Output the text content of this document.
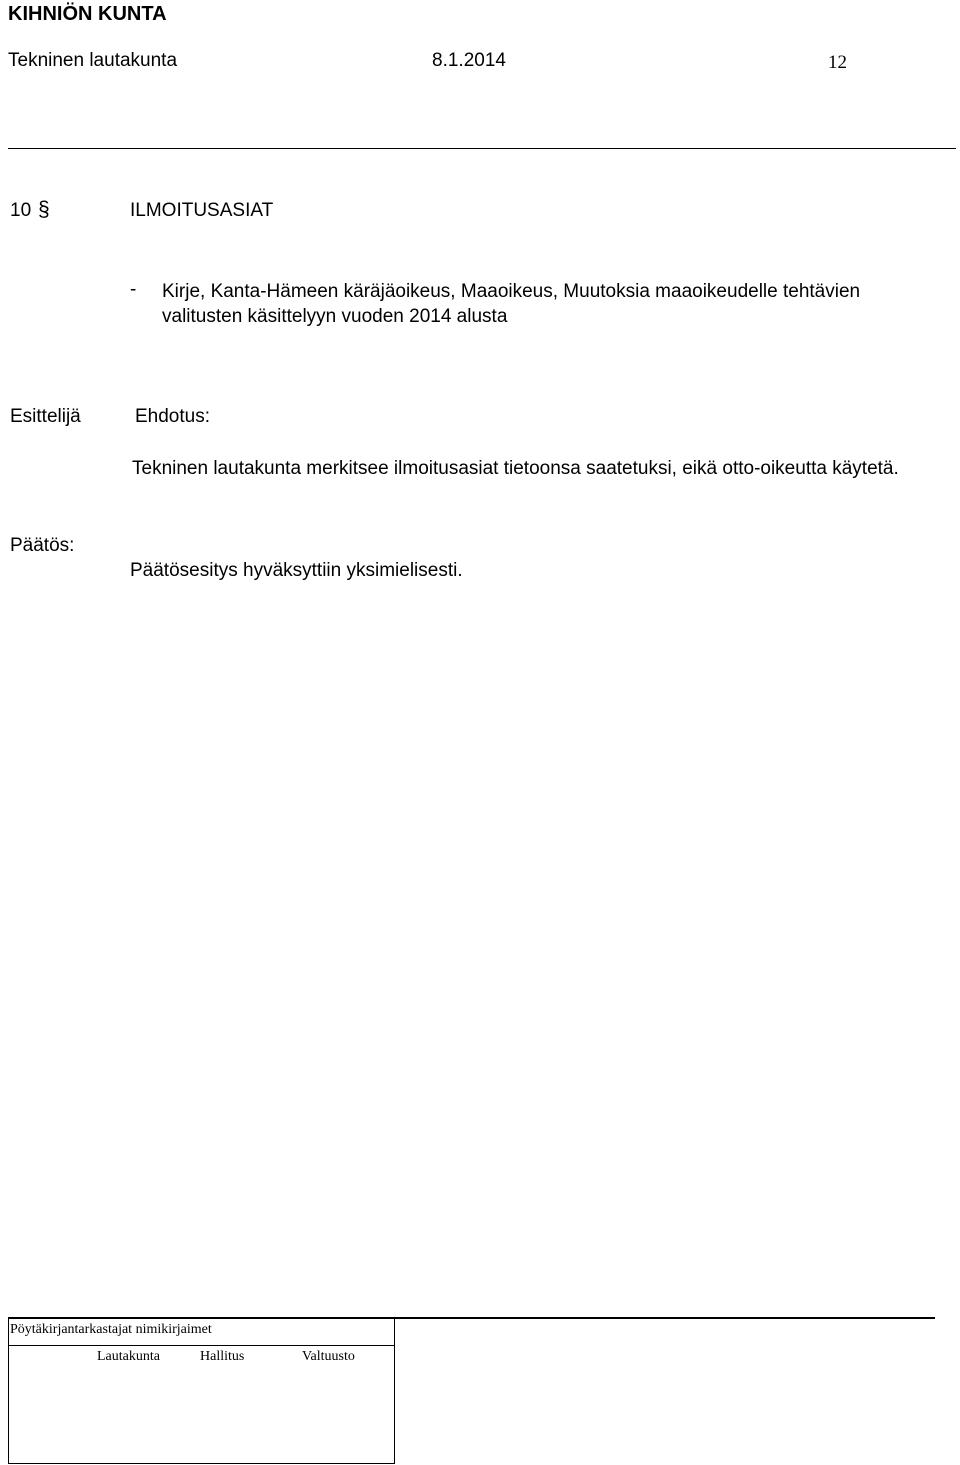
KIHNIÖN KUNTA
Tekninen lautakunta	8.1.2014	12
10 §	ILMOITUSASIAT
- Kirje, Kanta-Hämeen käräjäoikeus, Maaoikeus, Muutoksia maaoikeudelle tehtävien valitusten käsittelyyn vuoden 2014 alusta
Esittelijä	Ehdotus:
Tekninen lautakunta merkitsee ilmoitusasiat tietoonsa saatetuksi, eikä otto-oikeutta käytetä.
Päätös:
Päätösesitys hyväksyttiin yksimielisesti.
Pöytäkirjantarkastajat nimikirjaimet
Lautakunta	Hallitus	Valtuusto
